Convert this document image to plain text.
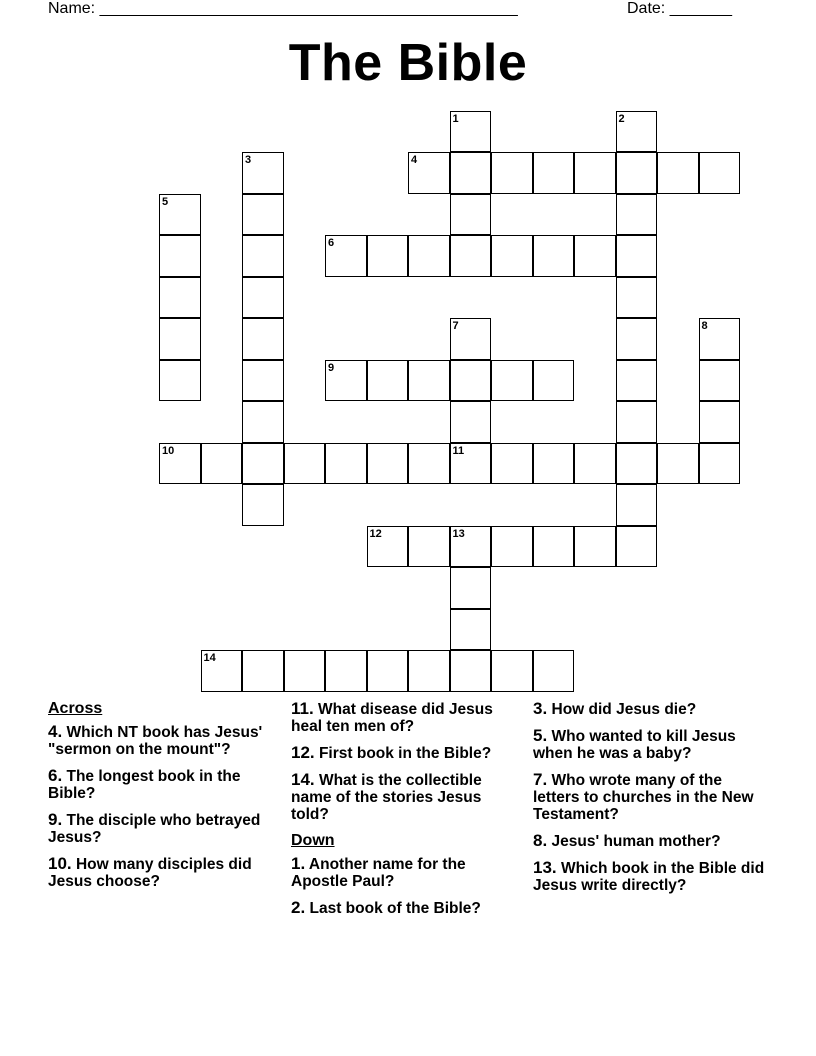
Name: _______________________________________________	Date: _______
The Bible
1	2
3	4
5
6
7	8
9
10	11
12	13
14
Across
4. Which NT book has Jesus' "sermon on the mount"?
6. The longest book in the Bible?
9. The disciple who betrayed Jesus?
10. How many disciples did Jesus choose?
11. What disease did Jesus heal ten men of?
12. First book in the Bible?
14. What is the collectible name of the stories Jesus told?
Down
1. Another name for the Apostle Paul?
2. Last book of the Bible?
3. How did Jesus die?
5. Who wanted to kill Jesus when he was a baby?
7. Who wrote many of the letters to churches in the New Testament?
8. Jesus' human mother?
13. Which book in the Bible did Jesus write directly?
